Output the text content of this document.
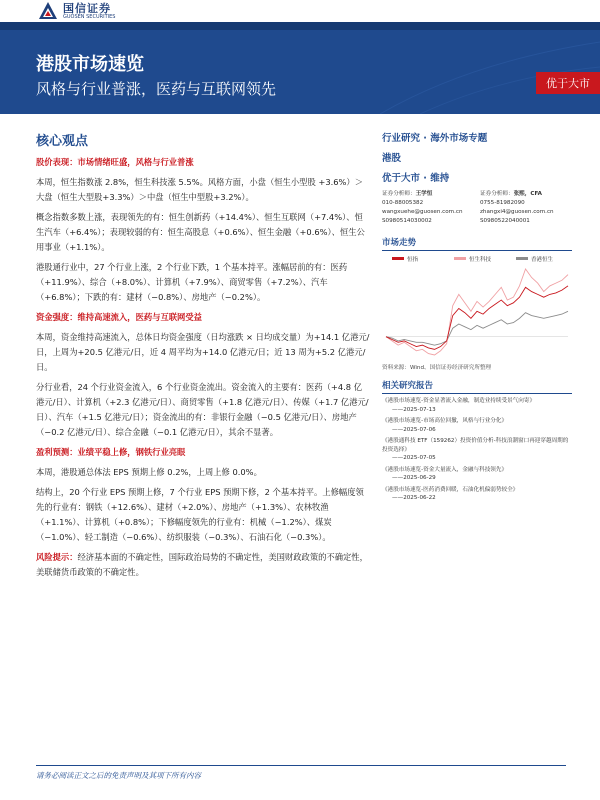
国信证券
GUOSEN SECURITIES
港股市场速览
风格与行业普涨，医药与互联网领先	优于大市
核心观点
股价表现：市场情绪旺盛，风格与行业普涨
本周，恒生指数涨 2.8%，恒生科技涨 5.5%。风格方面，小盘（恒生小型股 +3.6%）＞大盘（恒生大型股+3.3%）＞中盘（恒生中型股+3.2%）。
概念指数多数上涨，表现领先的有：恒生创新药（+14.4%）、恒生互联网（+7.4%）、恒生汽车（+6.4%）；表现较弱的有：恒生高股息（+0.6%）、恒生金融（+0.6%）、恒生公用事业（+1.1%）。
港股通行业中，27 个行业上涨，2 个行业下跌，1 个基本持平。涨幅居前的有：医药（+11.9%）、综合（+8.0%）、计算机（+7.9%）、商贸零售（+7.2%）、汽车（+6.8%）；下跌的有：建材（−0.8%）、房地产（−0.2%）。
资金强度：维持高速流入，医药与互联网受益
本周，资金维持高速流入，总体日均资金强度（日均涨跌 × 日均成交量）为+14.1 亿港元/日，上周为+20.5 亿港元/日，近 4 周平均为+14.0 亿港元/日；近 13 周为+5.2 亿港元/日。
分行业看，24 个行业资金流入，6 个行业资金流出。资金流入的主要有：医药（+4.8 亿港元/日）、计算机（+2.3 亿港元/日）、商贸零售（+1.8 亿港元/日）、传媒（+1.7 亿港元/日）、汽车（+1.5 亿港元/日）；资金流出的有：非银行金融（−0.5 亿港元/日）、房地产（−0.2 亿港元/日）、综合金融（−0.1 亿港元/日），其余不显著。
盈利预测：业绩平稳上修，钢铁行业亮眼
本周，港股通总体法 EPS 预期上修 0.2%，上周上修 0.0%。
结构上，20 个行业 EPS 预期上修，7 个行业 EPS 预期下修，2 个基本持平。上修幅度领先的行业有：钢铁（+12.6%）、建材（+2.0%）、房地产（+1.3%）、农林牧渔（+1.1%）、计算机（+0.8%）；下修幅度领先的行业有：机械（−1.2%）、煤炭（−1.0%）、轻工制造（−0.6%）、纺织服装（−0.3%）、石油石化（−0.3%）。
风险提示：经济基本面的不确定性，国际政治局势的不确定性，美国财政政策的不确定性，美联储货币政策的不确定性。
行业研究 · 海外市场专题
港股
优于大市 · 维持
证券分析师：王学恒
010-88005382
wangxuehe@guosen.com.cn
S0980514030002
证券分析师：张熙，CFA
0755-81982090
zhangxi4@guosen.com.cn
S0980522040001
市场走势
恒指	恒生科技	香港恒生
资料来源：Wind、国信证券经济研究所整理
相关研究报告
《港股市场速览-资金显著流入金融，制造业持续受景气向寄》
——2025-07-13
《港股市场速览-市场高位回撤，风格与行业分化》
——2025-07-06
《港股通科技 ETF（159262）投资价值分析-科技浪潮窗口再迎穿越周期的投资选择》
——2025-07-05
《港股市场速览-资金大量流入，金融与科技领先》
——2025-06-29
《港股市场速览-医药消费回暖，石油化机偏弱势较全》
——2025-06-22
请务必阅读正文之后的免责声明及其项下所有内容
